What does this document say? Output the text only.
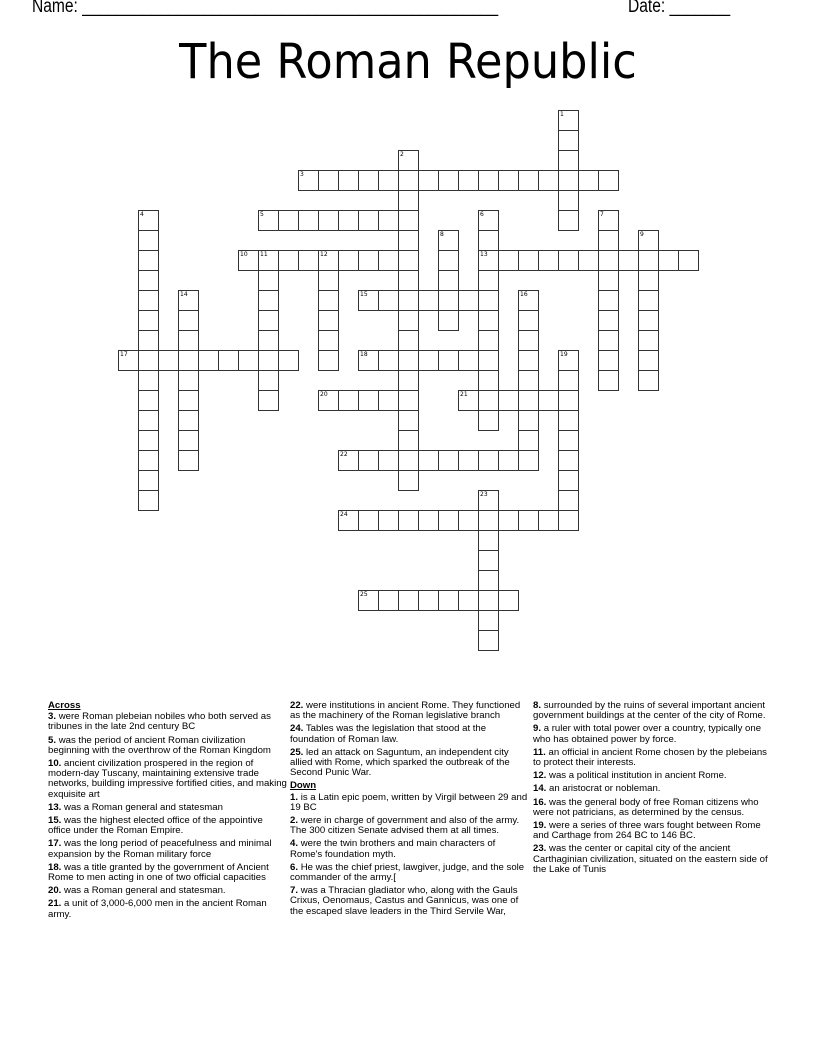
Name: ________________________________________________	Date: _______
The Roman Republic
1
2
3
4	5	6
13
7
8	9
10 11	12
14	15	16
17	18	19
20	21
22
23
24
25
Across
3. were Roman plebeian nobiles who both served as tribunes in the late 2nd century BC
5. was the period of ancient Roman civilization beginning with the overthrow of the Roman Kingdom
10. ancient civilization prospered in the region of modern-day Tuscany, maintaining extensive trade networks, building impressive fortified cities, and making exquisite art
13. was a Roman general and statesman
15. was the highest elected office of the appointive office under the Roman Empire.
17. was the long period of peacefulness and minimal expansion by the Roman military force
18. was a title granted by the government of Ancient Rome to men acting in one of two official capacities
20. was a Roman general and statesman.
21. a unit of 3,000-6,000 men in the ancient Roman army.
22. were institutions in ancient Rome. They functioned as the machinery of the Roman legislative branch
24. Tables was the legislation that stood at the foundation of Roman law.
25. led an attack on Saguntum, an independent city allied with Rome, which sparked the outbreak of the Second Punic War.
Down
1. is a Latin epic poem, written by Virgil between 29 and 19 BC
2. were in charge of government and also of the army. The 300 citizen Senate advised them at all times.
4. were the twin brothers and main characters of Rome's foundation myth.
6. He was the chief priest, lawgiver, judge, and the sole commander of the army.[
7. was a Thracian gladiator who, along with the Gauls Crixus, Oenomaus, Castus and Gannicus, was one of the escaped slave leaders in the Third Servile War,
8. surrounded by the ruins of several important ancient government buildings at the center of the city of Rome.
9. a ruler with total power over a country, typically one who has obtained power by force.
11. an official in ancient Rome chosen by the plebeians to protect their interests.
12. was a political institution in ancient Rome.
14. an aristocrat or nobleman.
16. was the general body of free Roman citizens who were not patricians, as determined by the census.
19. were a series of three wars fought between Rome and Carthage from 264 BC to 146 BC.
23. was the center or capital city of the ancient Carthaginian civilization, situated on the eastern side of the Lake of Tunis
